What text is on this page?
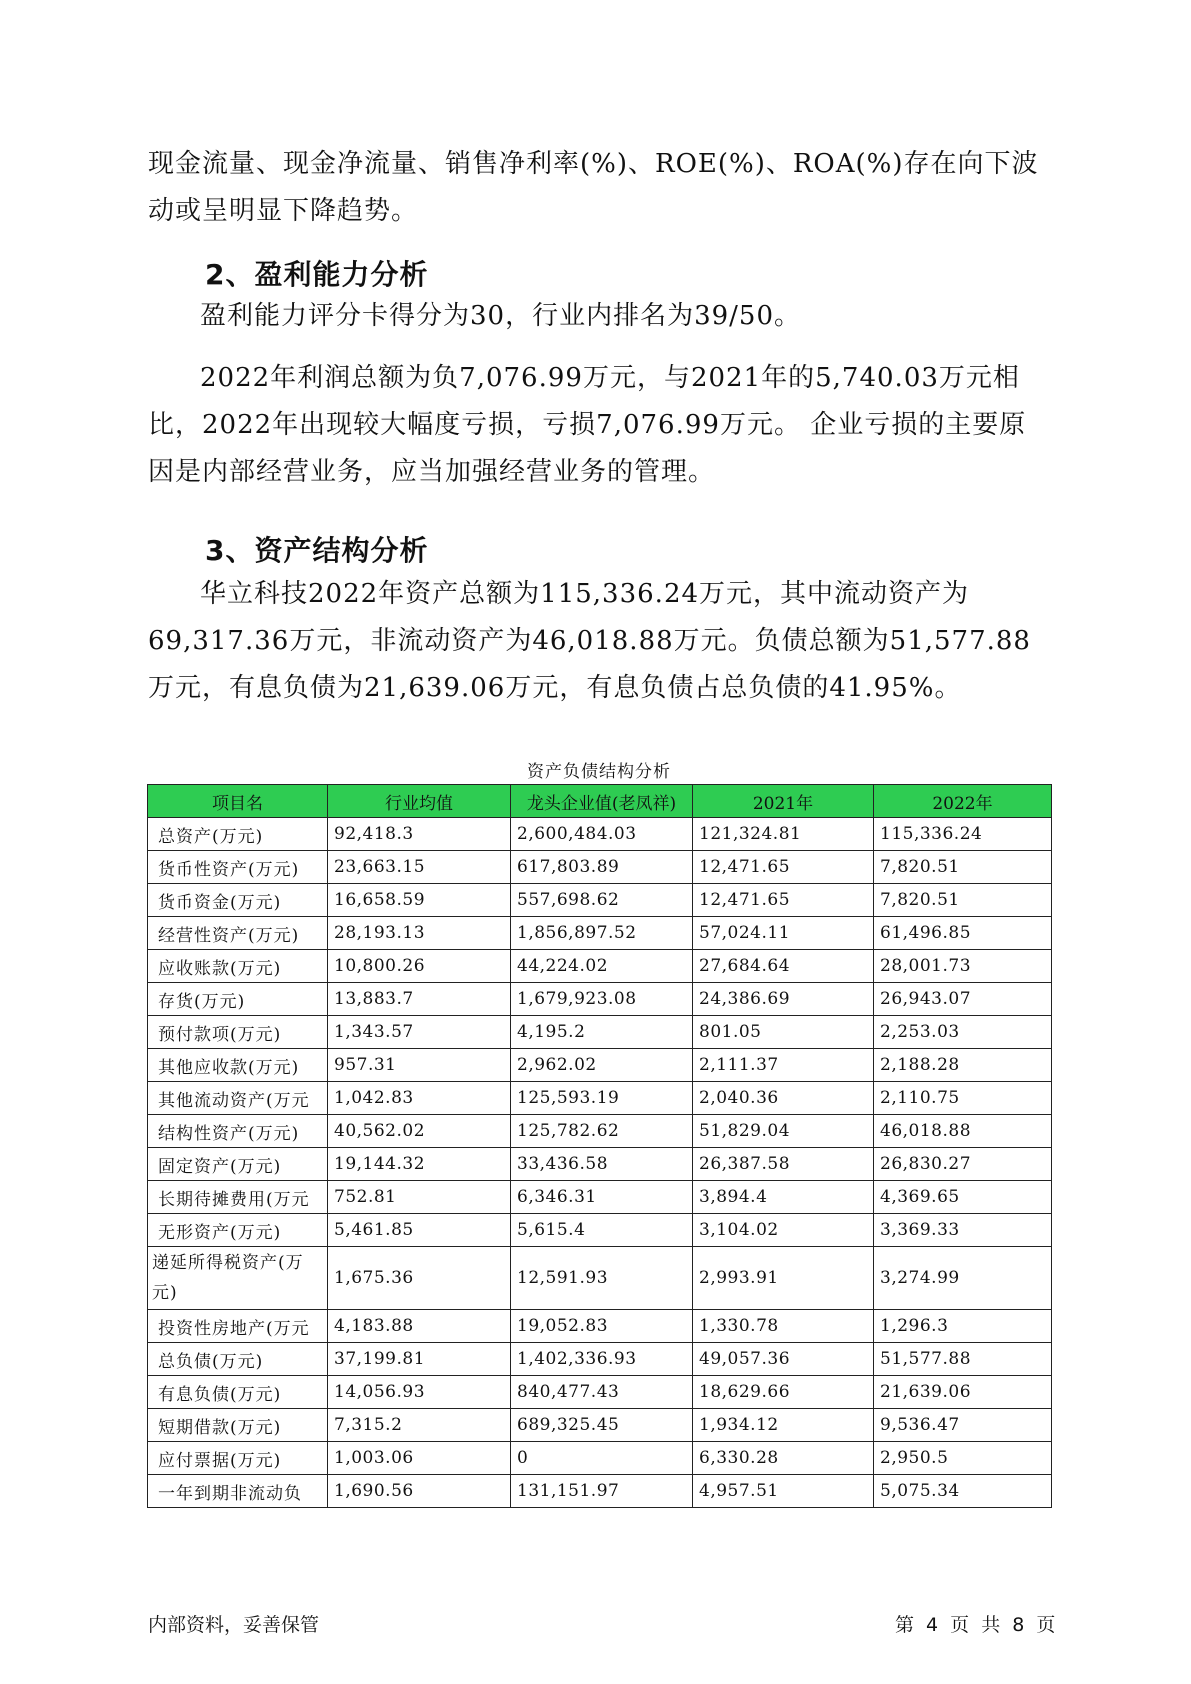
现金流量、现金净流量、销售净利率(%)、ROE(%)、ROA(%)存在向下波动或呈明显下降趋势。

2、盈利能力分析

盈利能力评分卡得分为30，行业内排名为39/50。

2022年利润总额为负7,076.99万元，与2021年的5,740.03万元相比，2022年出现较大幅度亏损，亏损7,076.99万元。 企业亏损的主要原因是内部经营业务，应当加强经营业务的管理。

3、资产结构分析

华立科技2022年资产总额为115,336.24万元，其中流动资产为69,317.36万元，非流动资产为46,018.88万元。负债总额为51,577.88万元，有息负债为21,639.06万元，有息负债占总负债的41.95%。

资产负债结构分析

项目名	行业均值	龙头企业值(老凤祥)	2021年	2022年
总资产(万元)	92,418.3	2,600,484.03	121,324.81	115,336.24
货币性资产(万元)	23,663.15	617,803.89	12,471.65	7,820.51
货币资金(万元)	16,658.59	557,698.62	12,471.65	7,820.51
经营性资产(万元)	28,193.13	1,856,897.52	57,024.11	61,496.85
应收账款(万元)	10,800.26	44,224.02	27,684.64	28,001.73
存货(万元)	13,883.7	1,679,923.08	24,386.69	26,943.07
预付款项(万元)	1,343.57	4,195.2	801.05	2,253.03
其他应收款(万元)	957.31	2,962.02	2,111.37	2,188.28
其他流动资产(万元	1,042.83	125,593.19	2,040.36	2,110.75
结构性资产(万元)	40,562.02	125,782.62	51,829.04	46,018.88
固定资产(万元)	19,144.32	33,436.58	26,387.58	26,830.27
长期待摊费用(万元	752.81	6,346.31	3,894.4	4,369.65
无形资产(万元)	5,461.85	5,615.4	3,104.02	3,369.33
递延所得税资产(万元)	1,675.36	12,591.93	2,993.91	3,274.99
投资性房地产(万元	4,183.88	19,052.83	1,330.78	1,296.3
总负债(万元)	37,199.81	1,402,336.93	49,057.36	51,577.88
有息负债(万元)	14,056.93	840,477.43	18,629.66	21,639.06
短期借款(万元)	7,315.2	689,325.45	1,934.12	9,536.47
应付票据(万元)	1,003.06	0	6,330.28	2,950.5
一年到期非流动负	1,690.56	131,151.97	4,957.51	5,075.34

内部资料，妥善保管	第 4 页 共 8 页
